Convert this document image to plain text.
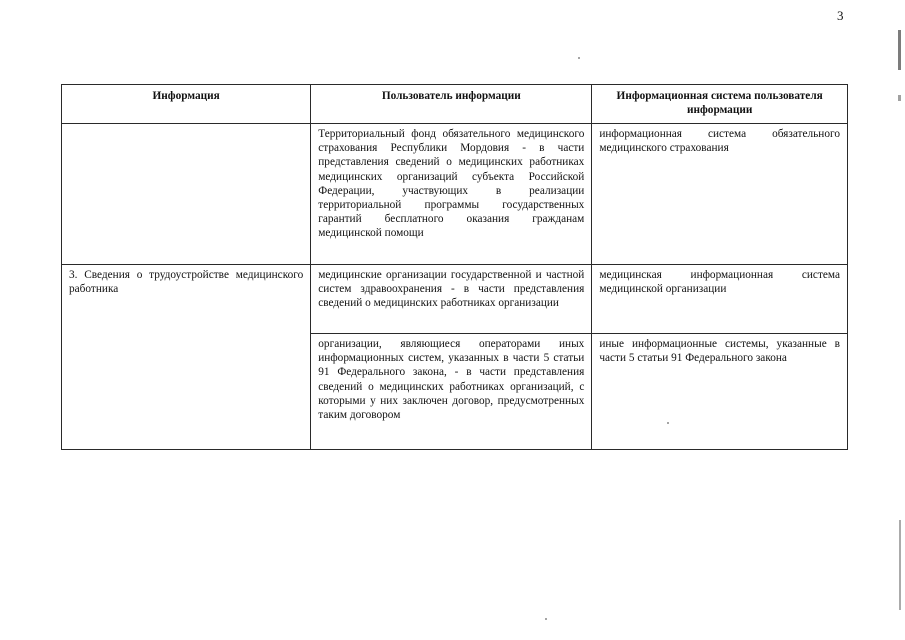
3
Информация	Пользователь информации	Информационная система пользователя информации
	Территориальный фонд обязательного медицинского страхования Республики Мордовия - в части представления сведений о медицинских работниках медицинских организаций субъекта Российской Федерации, участвующих в реализации территориальной программы государственных гарантий бесплатного оказания гражданам медицинской помощи	информационная система обязательного медицинского страхования
3. Сведения о трудоустройстве медицинского работника	медицинские организации государственной и частной систем здравоохранения - в части представления сведений о медицинских работниках организации	медицинская информационная система медицинской организации
	организации, являющиеся операторами иных информационных систем, указанных в части 5 статьи 91 Федерального закона, - в части представления сведений о медицинских работниках организаций, с которыми у них заключен договор, предусмотренных таким договором	иные информационные системы, указанные в части 5 статьи 91 Федерального закона
